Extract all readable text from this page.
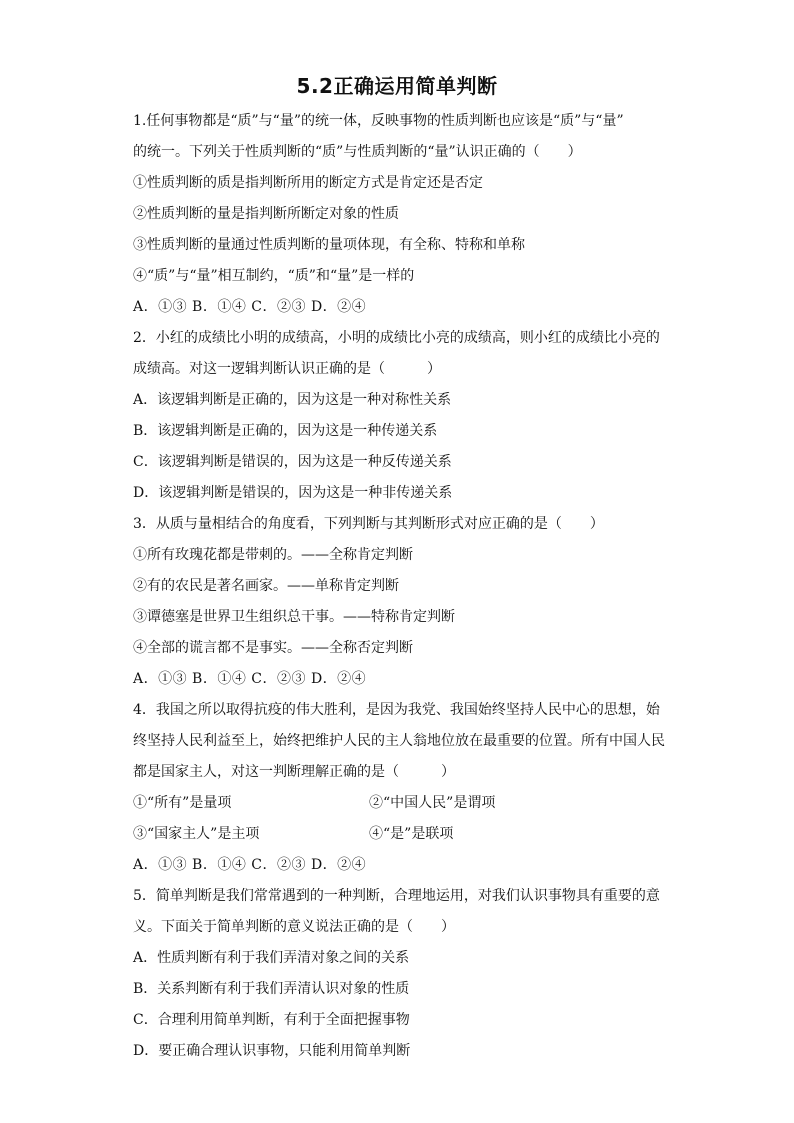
5.2正确运用简单判断
1.任何事物都是“质”与“量”的统一体，反映事物的性质判断也应该是“质”与“量”
的统一。下列关于性质判断的“质”与性质判断的“量”认识正确的（　　）
①性质判断的质是指判断所用的断定方式是肯定还是否定
②性质判断的量是指判断所断定对象的性质
③性质判断的量通过性质判断的量项体现，有全称、特称和单称
④“质”与“量”相互制约，“质”和“量”是一样的
A．①③ B．①④ C．②③ D．②④
2．小红的成绩比小明的成绩高，小明的成绩比小亮的成绩高，则小红的成绩比小亮的
成绩高。对这一逻辑判断认识正确的是（　　　）
A．该逻辑判断是正确的，因为这是一种对称性关系
B．该逻辑判断是正确的，因为这是一种传递关系
C．该逻辑判断是错误的，因为这是一种反传递关系
D．该逻辑判断是错误的，因为这是一种非传递关系
3．从质与量相结合的角度看，下列判断与其判断形式对应正确的是（　　）
①所有玫瑰花都是带刺的。——全称肯定判断
②有的农民是著名画家。——单称肯定判断
③谭德塞是世界卫生组织总干事。——特称肯定判断
④全部的谎言都不是事实。——全称否定判断
A．①③ B．①④ C．②③ D．②④
4．我国之所以取得抗疫的伟大胜利，是因为我党、我国始终坚持人民中心的思想，始
终坚持人民利益至上，始终把维护人民的主人翁地位放在最重要的位置。所有中国人民
都是国家主人，对这一判断理解正确的是（　　　）
①“所有”是量项	②“中国人民”是谓项
③“国家主人”是主项	④“是”是联项
A．①③ B．①④ C．②③ D．②④
5．简单判断是我们常常遇到的一种判断，合理地运用，对我们认识事物具有重要的意
义。下面关于简单判断的意义说法正确的是（　　）
A．性质判断有利于我们弄清对象之间的关系
B．关系判断有利于我们弄清认识对象的性质
C．合理利用简单判断，有利于全面把握事物
D．要正确合理认识事物，只能利用简单判断
